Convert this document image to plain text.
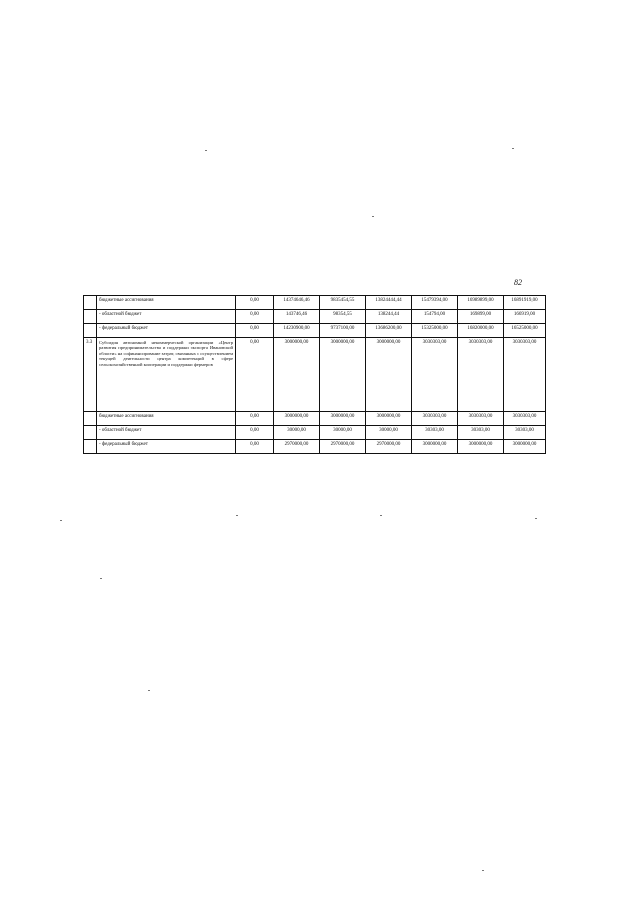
82
	бюджетные ассигнования	0,00	14374646,46	9835454,55	13824444,44	15479394,00	16989899,00	16891919,00
	- областной бюджет	0,00	143746,46	98354,55	138244,44	154794,00	169899,00	166919,00
	- федеральный бюджет	0,00	14230900,00	9737100,00	13686200,00	15325000,00	16820000,00	16525000,00
3.3	Субсидия автономной некоммерческой организации «Центр развития предпринимательства и поддержки экспорта Ивановской области» на софинансирование затрат, связанных с осуществлением текущей деятельности центра компетенций в сфере сельскохозяйственной кооперации и поддержки фермеров	0,00	3000000,00	3000000,00	3000000,00	3030303,00	3030303,00	3030303,00
	бюджетные ассигнования	0,00	3000000,00	3000000,00	3000000,00	3030303,00	3030303,00	3030303,00
	- областной бюджет	0,00	30000,00	30000,00	30000,00	30303,00	30303,00	30303,00
	- федеральный бюджет	0,00	2970000,00	2970000,00	2970000,00	3000000,00	3000000,00	3000000,00
